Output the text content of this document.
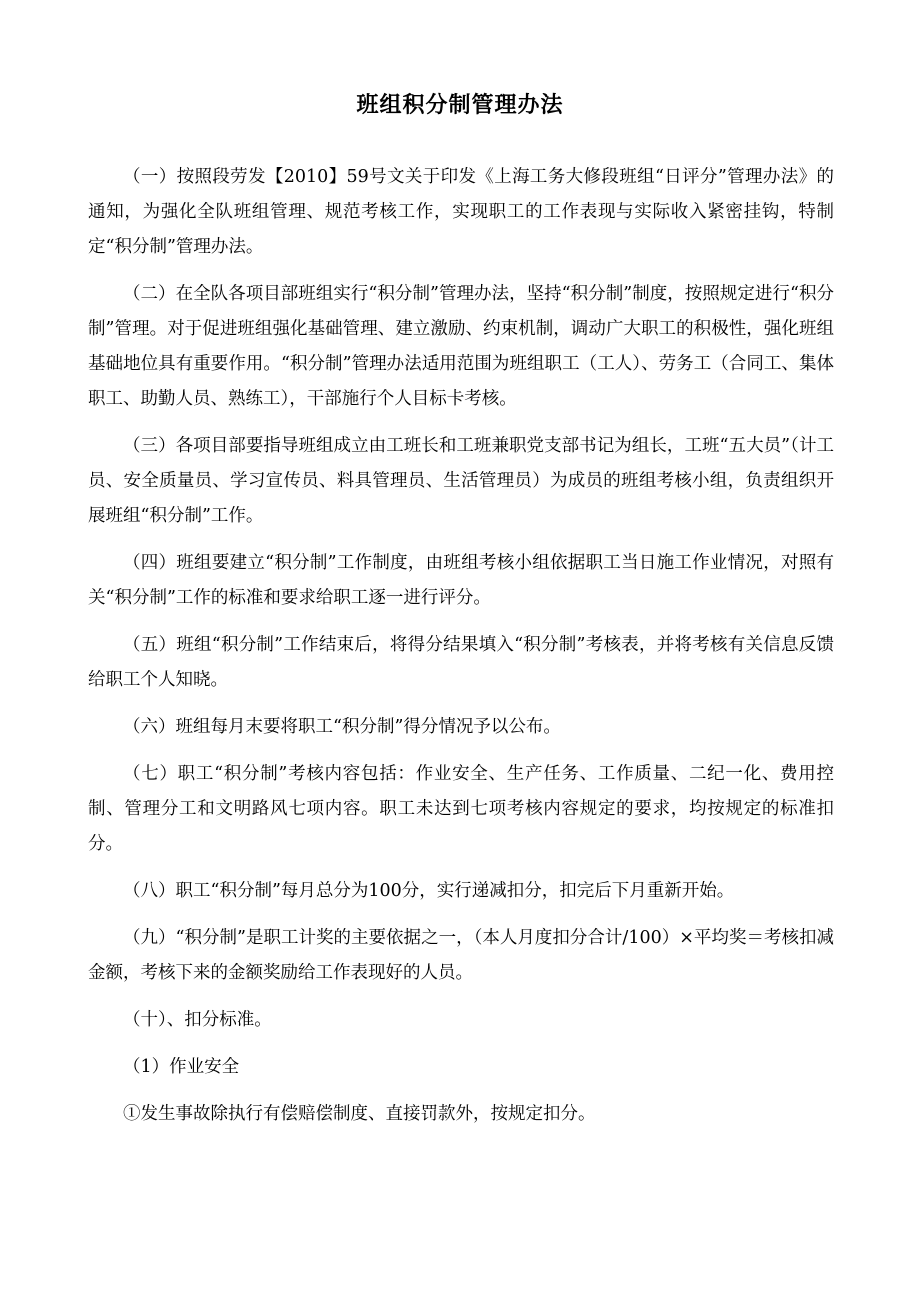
班组积分制管理办法

（一）按照段劳发【2010】59号文关于印发《上海工务大修段班组“日评分”管理办法》的通知，为强化全队班组管理、规范考核工作，实现职工的工作表现与实际收入紧密挂钩，特制定“积分制”管理办法。

（二）在全队各项目部班组实行“积分制”管理办法，坚持“积分制”制度，按照规定进行“积分制”管理。对于促进班组强化基础管理、建立激励、约束机制，调动广大职工的积极性，强化班组基础地位具有重要作用。“积分制”管理办法适用范围为班组职工（工人）、劳务工（合同工、集体职工、助勤人员、熟练工），干部施行个人目标卡考核。

（三）各项目部要指导班组成立由工班长和工班兼职党支部书记为组长，工班“五大员”（计工员、安全质量员、学习宣传员、料具管理员、生活管理员）为成员的班组考核小组，负责组织开展班组“积分制”工作。

（四）班组要建立“积分制”工作制度，由班组考核小组依据职工当日施工作业情况，对照有关“积分制”工作的标准和要求给职工逐一进行评分。

（五）班组“积分制”工作结束后，将得分结果填入“积分制”考核表，并将考核有关信息反馈给职工个人知晓。

（六）班组每月末要将职工“积分制”得分情况予以公布。

（七）职工“积分制”考核内容包括：作业安全、生产任务、工作质量、二纪一化、费用控制、管理分工和文明路风七项内容。职工未达到七项考核内容规定的要求，均按规定的标准扣分。

（八）职工“积分制”每月总分为100分，实行递减扣分，扣完后下月重新开始。

（九）“积分制”是职工计奖的主要依据之一，（本人月度扣分合计/100）×平均奖＝考核扣减金额，考核下来的金额奖励给工作表现好的人员。

（十）、扣分标准。

（1）作业安全

①发生事故除执行有偿赔偿制度、直接罚款外，按规定扣分。
